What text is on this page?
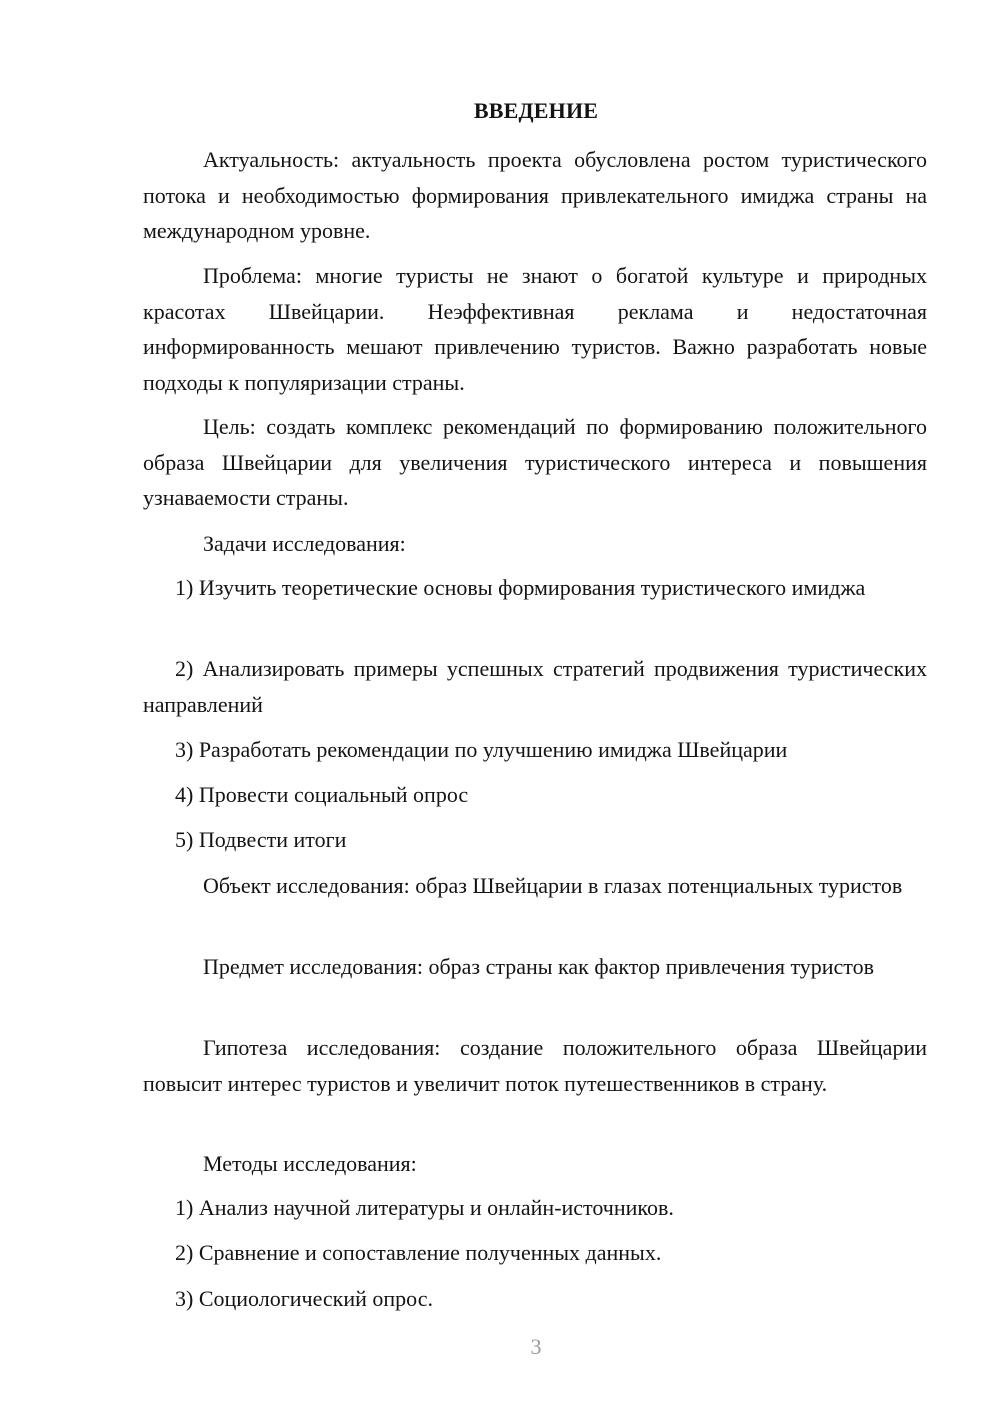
ВВЕДЕНИЕ

Актуальность: актуальность проекта обусловлена ростом туристического потока и необходимостью формирования привлекательного имиджа страны на международном уровне.

Проблема: многие туристы не знают о богатой культуре и природных красотах Швейцарии. Неэффективная реклама и недостаточная информированность мешают привлечению туристов. Важно разработать новые подходы к популяризации страны.

Цель: создать комплекс рекомендаций по формированию положительного образа Швейцарии для увеличения туристического интереса и повышения узнаваемости страны.

Задачи исследования:

1) Изучить теоретические основы формирования туристического имиджа

2) Анализировать примеры успешных стратегий продвижения туристических направлений

3) Разработать рекомендации по улучшению имиджа Швейцарии

4) Провести социальный опрос

5) Подвести итоги

Объект исследования: образ Швейцарии в глазах потенциальных туристов

Предмет исследования: образ страны как фактор привлечения туристов

Гипотеза исследования: создание положительного образа Швейцарии повысит интерес туристов и увеличит поток путешественников в страну.

Методы исследования:

1) Анализ научной литературы и онлайн-источников.

2) Сравнение и сопоставление полученных данных.

3) Социологический опрос.

3
